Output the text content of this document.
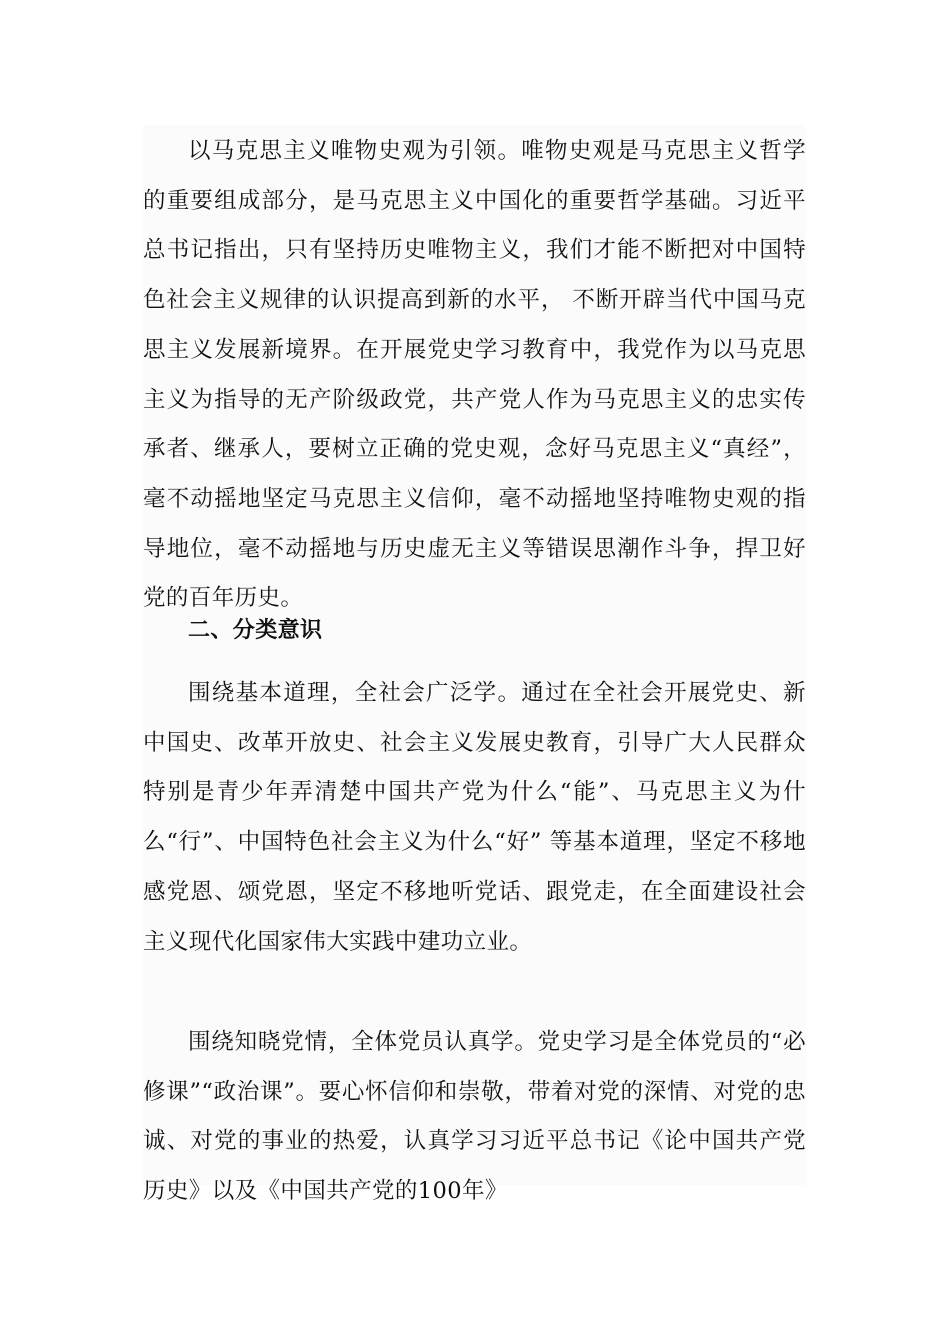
以马克思主义唯物史观为引领。唯物史观是马克思主义哲学的重要组成部分，是马克思主义中国化的重要哲学基础。习近平总书记指出，只有坚持历史唯物主义，我们才能不断把对中国特色社会主义规律的认识提高到新的水平， 不断开辟当代中国马克思主义发展新境界。在开展党史学习教育中，我党作为以马克思主义为指导的无产阶级政党，共产党人作为马克思主义的忠实传承者、继承人，要树立正确的党史观，念好马克思主义“真经”，毫不动摇地坚定马克思主义信仰，毫不动摇地坚持唯物史观的指导地位，毫不动摇地与历史虚无主义等错误思潮作斗争，捍卫好党的百年历史。

二、分类意识

围绕基本道理，全社会广泛学。通过在全社会开展党史、新中国史、改革开放史、社会主义发展史教育，引导广大人民群众特别是青少年弄清楚中国共产党为什么“能”、马克思主义为什么“行”、中国特色社会主义为什么“好” 等基本道理，坚定不移地感党恩、颂党恩，坚定不移地听党话、跟党走，在全面建设社会主义现代化国家伟大实践中建功立业。

围绕知晓党情，全体党员认真学。党史学习是全体党员的“必修课”“政治课”。要心怀信仰和崇敬，带着对党的深情、对党的忠诚、对党的事业的热爱，认真学习习近平总书记《论中国共产党历史》以及《中国共产党的100年》
